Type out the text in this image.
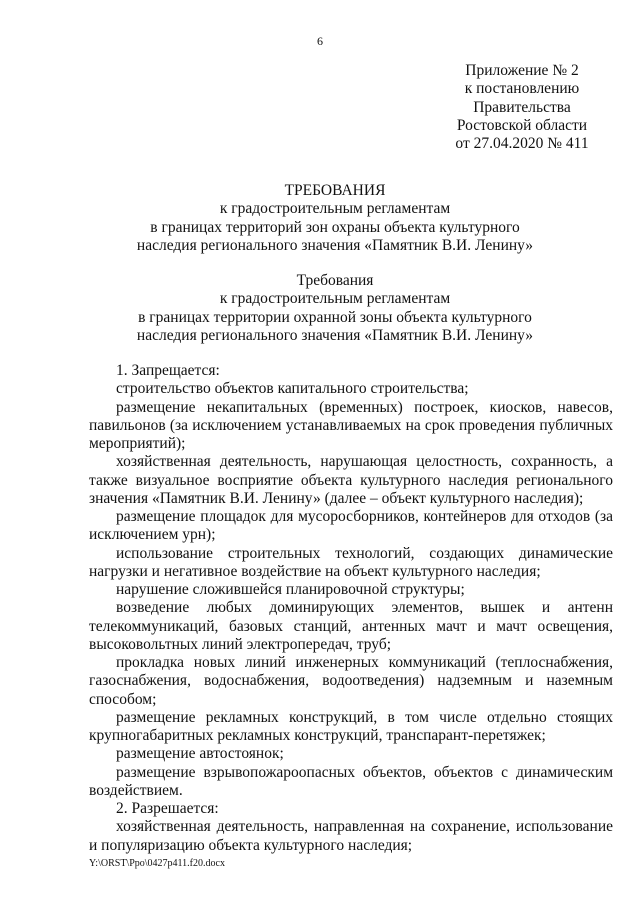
6
Приложение № 2
к постановлению
Правительства
Ростовской области
от 27.04.2020 № 411
ТРЕБОВАНИЯ
к градостроительным регламентам
в границах территорий зон охраны объекта культурного
наследия регионального значения «Памятник В.И. Ленину»
Требования
к градостроительным регламентам
в границах территории охранной зоны объекта культурного
наследия регионального значения «Памятник В.И. Ленину»
1. Запрещается:
строительство объектов капитального строительства;
размещение некапитальных (временных) построек, киосков, навесов, павильонов (за исключением устанавливаемых на срок проведения публичных мероприятий);
хозяйственная деятельность, нарушающая целостность, сохранность, а также визуальное восприятие объекта культурного наследия регионального значения «Памятник В.И. Ленину» (далее – объект культурного наследия);
размещение площадок для мусоросборников, контейнеров для отходов (за исключением урн);
использование строительных технологий, создающих динамические нагрузки и негативное воздействие на объект культурного наследия;
нарушение сложившейся планировочной структуры;
возведение любых доминирующих элементов, вышек и антенн телекоммуникаций, базовых станций, антенных мачт и мачт освещения, высоковольтных линий электропередач, труб;
прокладка новых линий инженерных коммуникаций (теплоснабжения, газоснабжения, водоснабжения, водоотведения) надземным и наземным способом;
размещение рекламных конструкций, в том числе отдельно стоящих крупногабаритных рекламных конструкций, транспарант-перетяжек;
размещение автостоянок;
размещение взрывопожароопасных объектов, объектов с динамическим воздействием.
2. Разрешается:
хозяйственная деятельность, направленная на сохранение, использование и популяризацию объекта культурного наследия;
Y:\ORST\Ppo\0427p411.f20.docx
